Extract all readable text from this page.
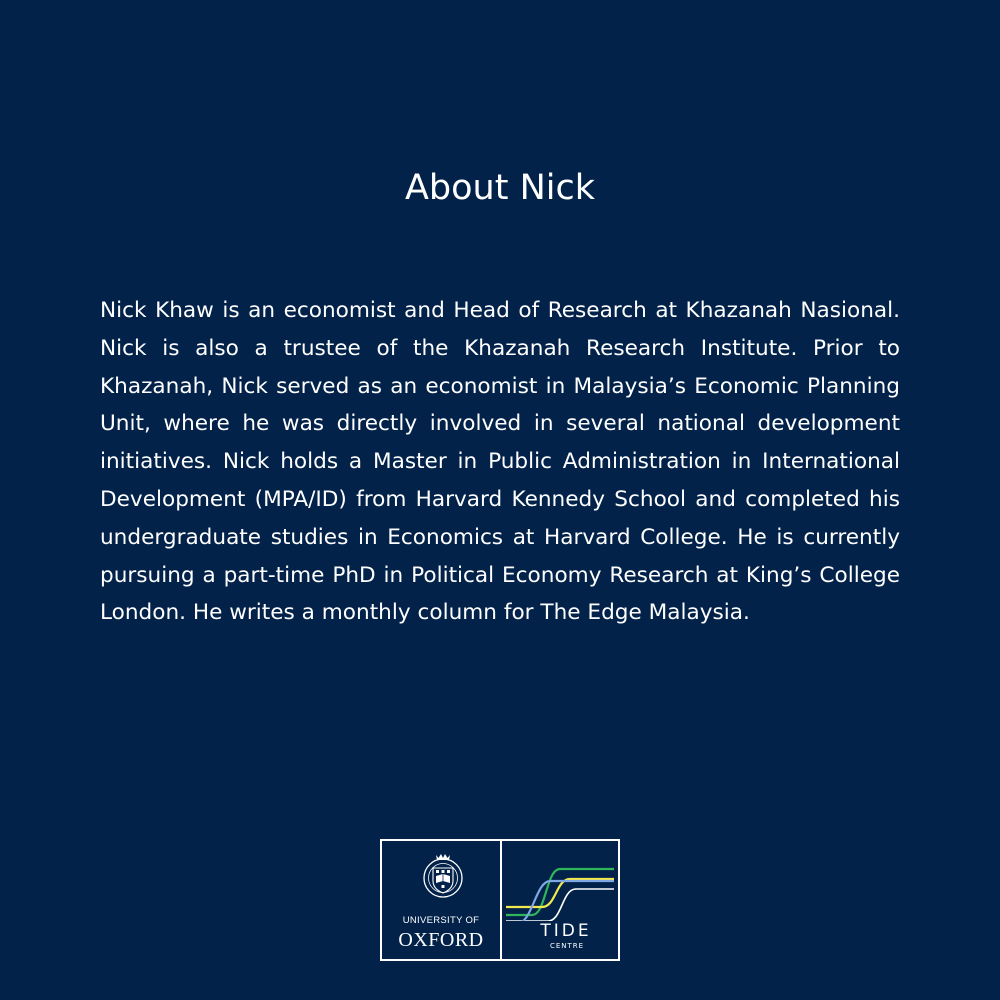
About Nick

Nick Khaw is an economist and Head of Research at Khazanah Nasional. Nick is also a trustee of the Khazanah Research Institute. Prior to Khazanah, Nick served as an economist in Malaysia’s Economic Planning Unit, where he was directly involved in several national development initiatives. Nick holds a Master in Public Administration in International Development (MPA/ID) from Harvard Kennedy School and completed his undergraduate studies in Economics at Harvard College. He is currently pursuing a part-time PhD in Political Economy Research at King’s College London. He writes a monthly column for The Edge Malaysia.

UNIVERSITY OF
OXFORD	TIDE
CENTRE
